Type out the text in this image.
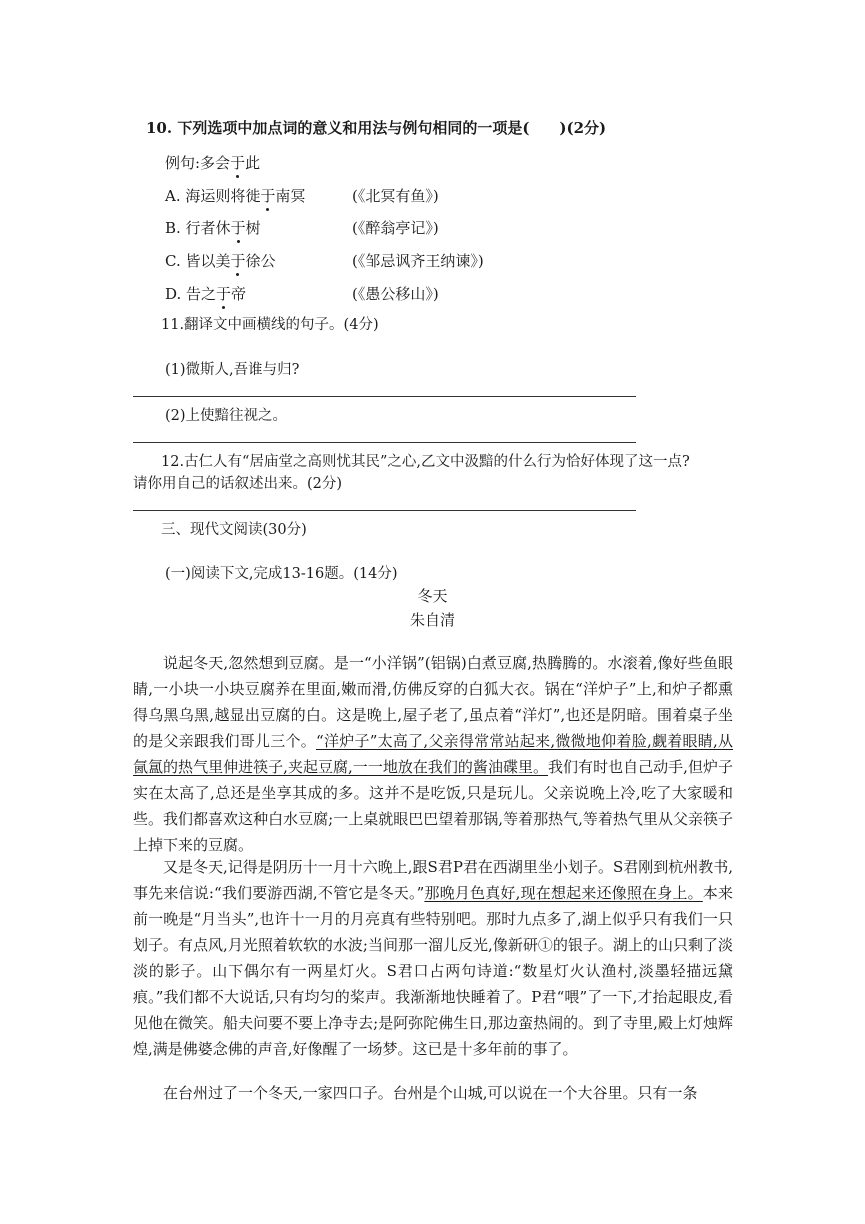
10. 下列选项中加点词的意义和用法与例句相同的一项是(　　)(2分)
例句:多会于此
A. 海运则将徙于南冥	(《北冥有鱼》)
B. 行者休于树	(《醉翁亭记》)
C. 皆以美于徐公	(《邹忌讽齐王纳谏》)
D. 告之于帝	(《愚公移山》)
11.翻译文中画横线的句子。(4分)
(1)微斯人,吾谁与归?
(2)上使黯往视之。
12.古仁人有“居庙堂之高则忧其民”之心,乙文中汲黯的什么行为恰好体现了这一点?
请你用自己的话叙述出来。(2分)
三、现代文阅读(30分)
(一)阅读下文,完成13-16题。(14分)
冬天
朱自清

说起冬天,忽然想到豆腐。是一“小洋锅”(铝锅)白煮豆腐,热腾腾的。水滚着,像好些鱼眼睛,一小块一小块豆腐养在里面,嫩而滑,仿佛反穿的白狐大衣。锅在“洋炉子”上,和炉子都熏得乌黑乌黑,越显出豆腐的白。这是晚上,屋子老了,虽点着“洋灯”,也还是阴暗。围着桌子坐的是父亲跟我们哥儿三个。“洋炉子”太高了,父亲得常常站起来,微微地仰着脸,觑着眼睛,从氤氲的热气里伸进筷子,夹起豆腐,一一地放在我们的酱油碟里。我们有时也自己动手,但炉子实在太高了,总还是坐享其成的多。这并不是吃饭,只是玩儿。父亲说晚上冷,吃了大家暖和些。我们都喜欢这种白水豆腐;一上桌就眼巴巴望着那锅,等着那热气,等着热气里从父亲筷子上掉下来的豆腐。

又是冬天,记得是阴历十一月十六晚上,跟S君P君在西湖里坐小划子。S君刚到杭州教书,事先来信说:“我们要游西湖,不管它是冬天。”那晚月色真好,现在想起来还像照在身上。本来前一晚是“月当头”,也许十一月的月亮真有些特别吧。那时九点多了,湖上似乎只有我们一只划子。有点风,月光照着软软的水波;当间那一溜儿反光,像新研①的银子。湖上的山只剩了淡淡的影子。山下偶尔有一两星灯火。S君口占两句诗道:“数星灯火认渔村,淡墨轻描远黛痕。”我们都不大说话,只有均匀的桨声。我渐渐地快睡着了。P君“喂”了一下,才抬起眼皮,看见他在微笑。船夫问要不要上净寺去;是阿弥陀佛生日,那边蛮热闹的。到了寺里,殿上灯烛辉煌,满是佛婆念佛的声音,好像醒了一场梦。这已是十多年前的事了。

在台州过了一个冬天,一家四口子。台州是个山城,可以说在一个大谷里。只有一条
